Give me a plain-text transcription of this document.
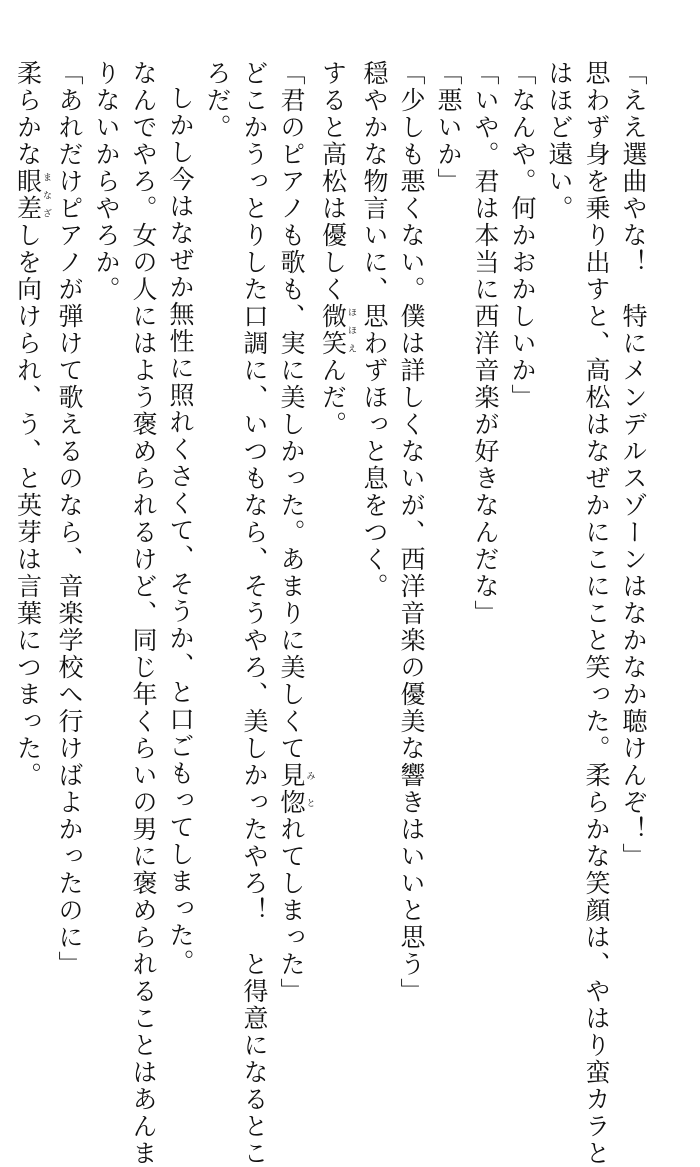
「ええ選曲やな！　特にメンデルスゾーンはなかなか聴けんぞ！」
思わず身を乗り出すと、高松はなぜかにこにこと笑った。柔らかな笑顔は、やはり蛮カラと
はほど遠い。
「なんや。何かおかしいか」
「いや。君は本当に西洋音楽が好きなんだな」
「悪いか」
「少しも悪くない。僕は詳しくないが、西洋音楽の優美な響きはいいと思う」
穏やかな物言いに、思わずほっと息をつく。
すると高松は優しく微笑ほほえんだ。
「君のピアノも歌も、実に美しかった。あまりに美しくて見惚みとれてしまった」
どこかうっとりした口調に、いつもなら、そうやろ、美しかったやろ！　と得意になるとこ
ろだ。
しかし今はなぜか無性に照れくさくて、そうか、と口ごもってしまった。
なんでやろ。女の人にはよう褒められるけど、同じ年くらいの男に褒められることはあんま
りないからやろか。
「あれだけピアノが弾けて歌えるのなら、音楽学校へ行けばよかったのに」
柔らかな眼差まなざしを向けられ、う、と英芽は言葉につまった。
